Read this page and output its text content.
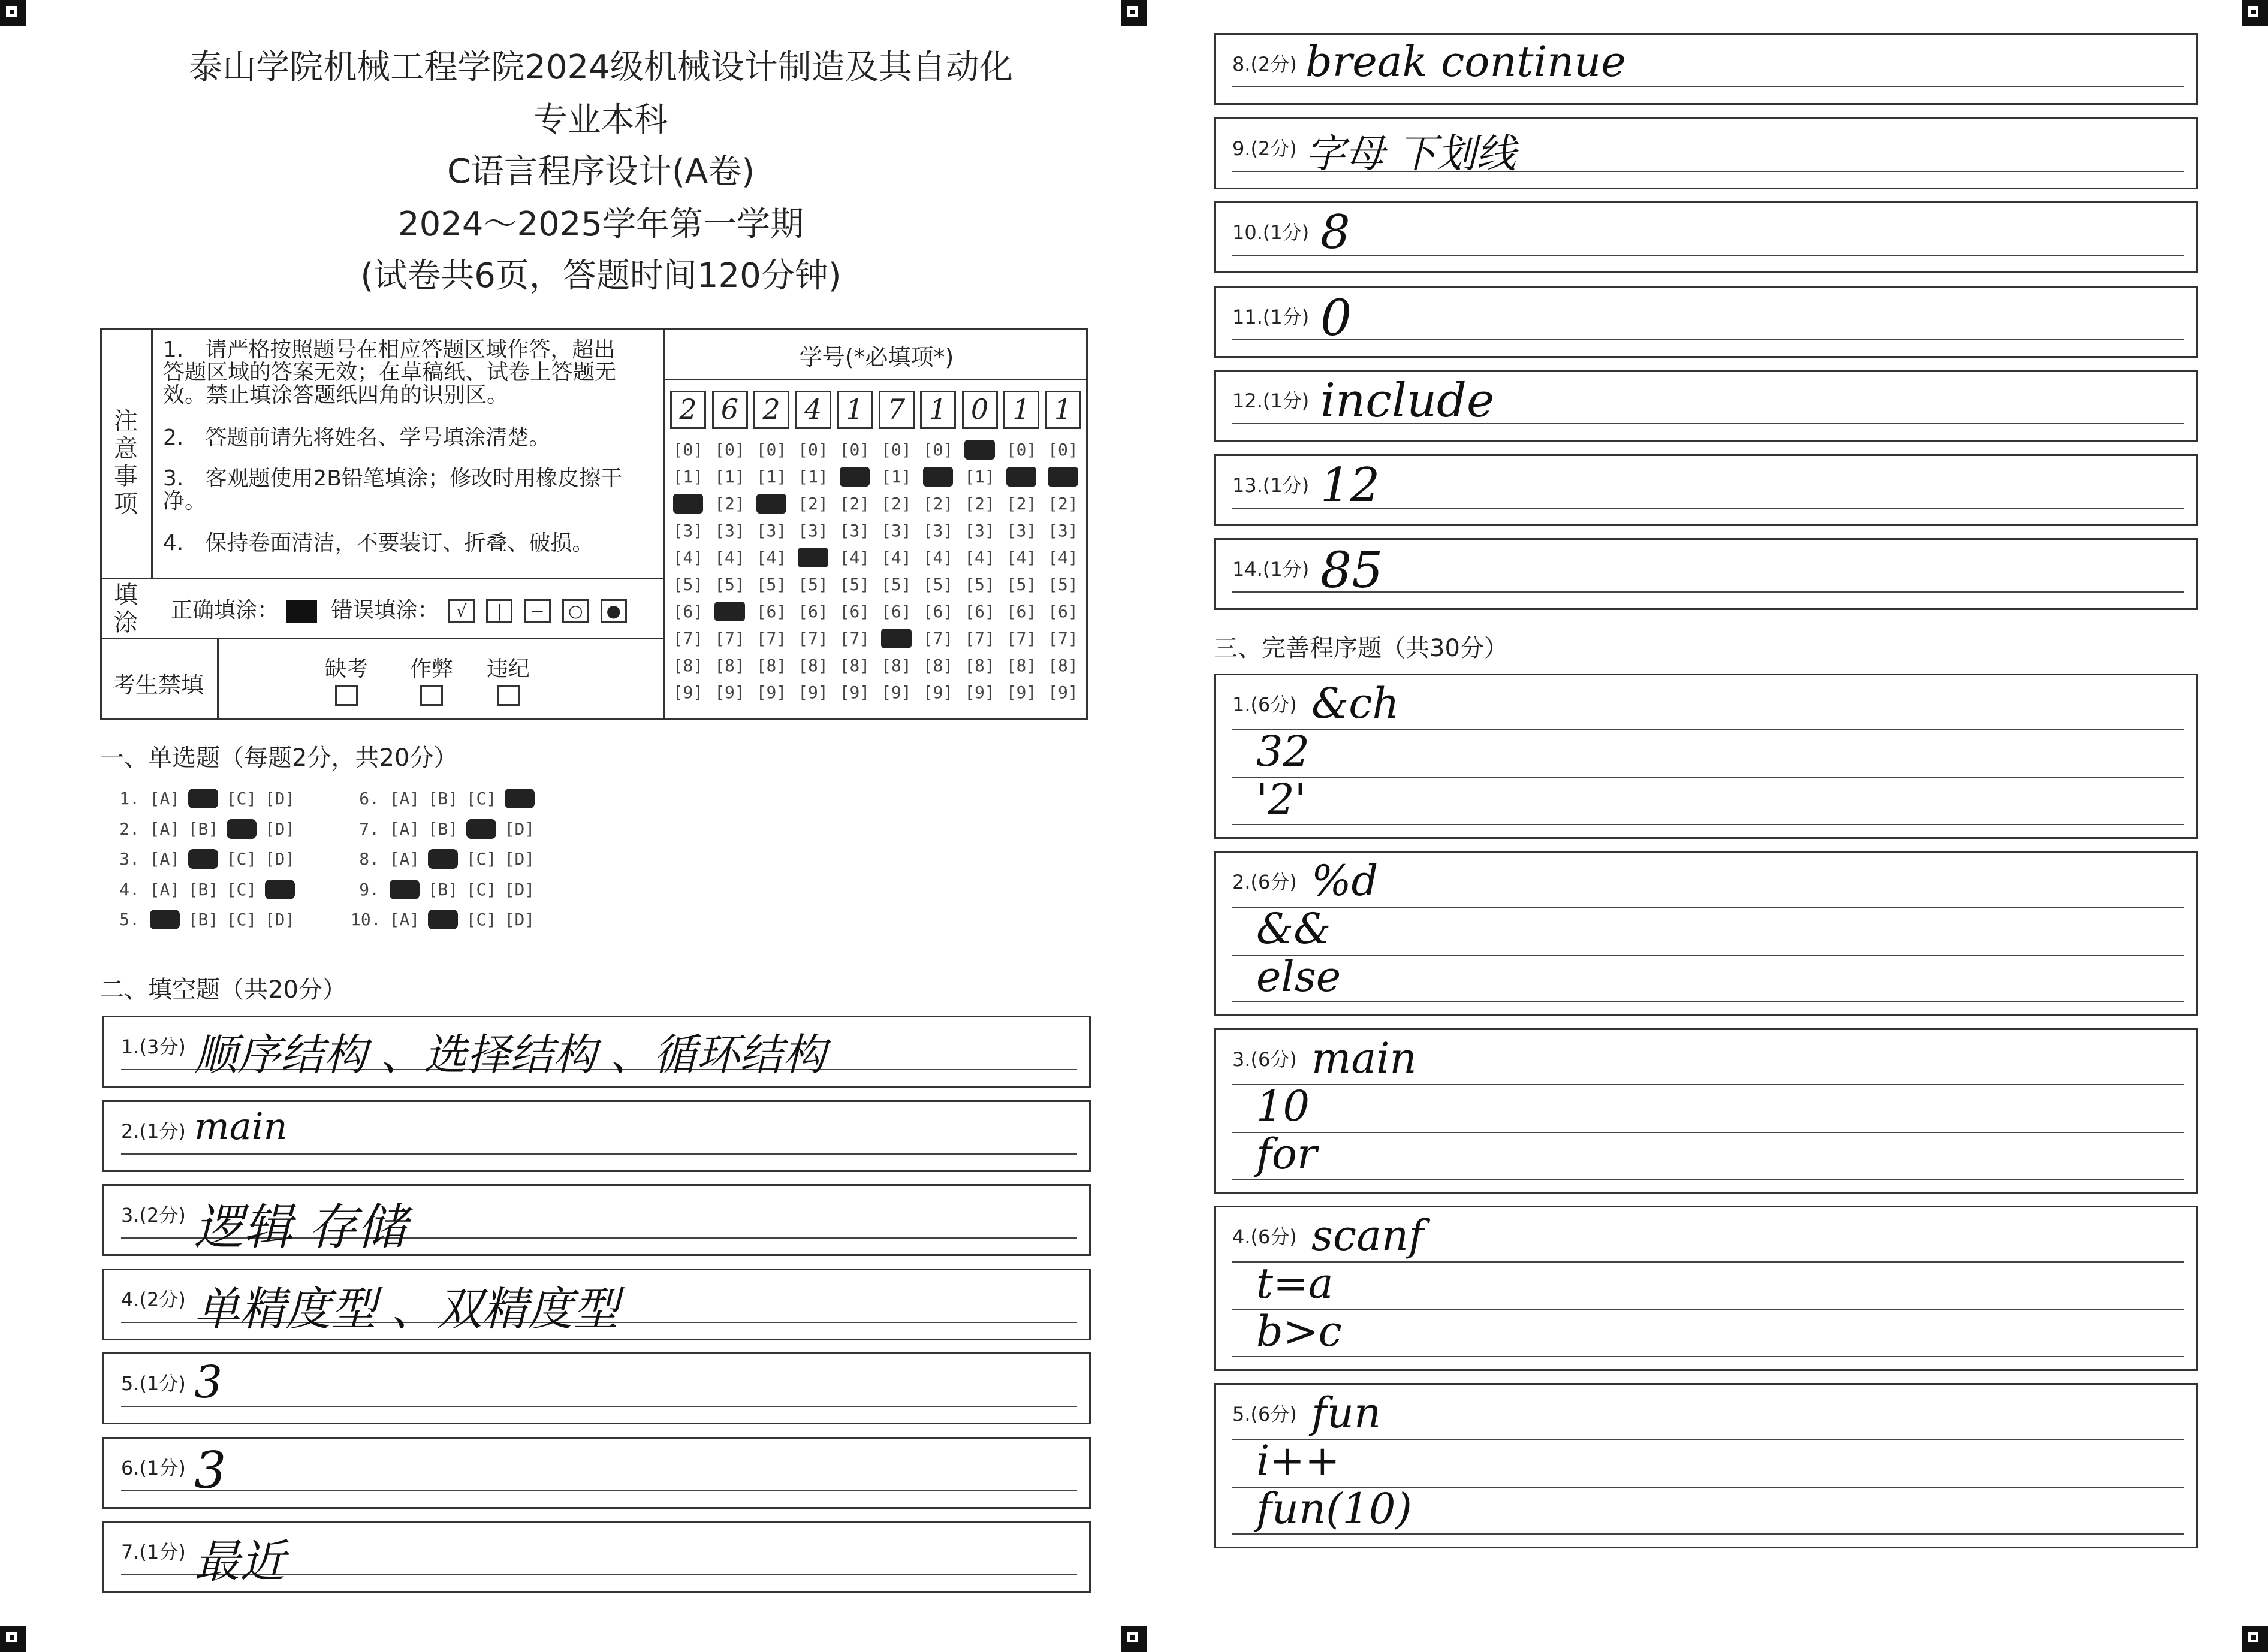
泰山学院机械工程学院2024级机械设计制造及其自动化
专业本科
C语言程序设计(A卷)
2024～2025学年第一学期
(试卷共6页，答题时间120分钟)
注意事项
1.　请严格按照题号在相应答题区域作答，超出答题区域的答案无效；在草稿纸、试卷上答题无效。禁止填涂答题纸四角的识别区。
2.　答题前请先将姓名、学号填涂清楚。
3.　客观题使用2B铅笔填涂；修改时用橡皮擦干净。
4.　保持卷面清洁，不要装订、折叠、破损。
填涂 正确填涂： 错误填涂： √ | − ○ ●
考生禁填
缺考 作弊 违纪
学号(*必填项*)
2 6 2 4 1 7 1 0 1 1
[0]
[1]
[2]
[3]
[4]
[5]
[6]
[7]
[8]
[9]
[0]
[1]
[2]
[3]
[4]
[5]
[6]
[7]
[8]
[9]
[0]
[1]
[2]
[3]
[4]
[5]
[6]
[7]
[8]
[9]
[0]
[1]
[2]
[3]
[4]
[5]
[6]
[7]
[8]
[9]
[0]
[1]
[2]
[3]
[4]
[5]
[6]
[7]
[8]
[9]
[0]
[1]
[2]
[3]
[4]
[5]
[6]
[7]
[8]
[9]
[0]
[1]
[2]
[3]
[4]
[5]
[6]
[7]
[8]
[9]
[0]
[1]
[2]
[3]
[4]
[5]
[6]
[7]
[8]
[9]
[0]
[1]
[2]
[3]
[4]
[5]
[6]
[7]
[8]
[9]
[0]
[1]
[2]
[3]
[4]
[5]
[6]
[7]
[8]
[9]
一、单选题（每题2分，共20分）
1. [A] [B] [C] [D]
2. [A] [B] [C] [D]
3. [A] [B] [C] [D]
4. [A] [B] [C] [D]
5. [A] [B] [C] [D]
6. [A] [B] [C] [D]
7. [A] [B] [C] [D]
8. [A] [B] [C] [D]
9. [A] [B] [C] [D]
10. [A] [B] [C] [D]
二、填空题（共20分）
1.(3分) 顺序结构 、选择结构 、循环结构
2.(1分) main
3.(2分) 逻辑 存储
4.(2分) 单精度型 、双精度型
5.(1分) 3
6.(1分) 3
7.(1分) 最近
8.(2分) break continue
9.(2分) 字母 下划线
10.(1分) 8
11.(1分) 0
12.(1分) include
13.(1分) 12
14.(1分) 85
三、完善程序题（共30分）
1.(6分) &ch
32
'2'
2.(6分) %d
&&
else
3.(6分) main
10
for
4.(6分) scanf
t=a
b>c
5.(6分) fun
i++
fun(10)
